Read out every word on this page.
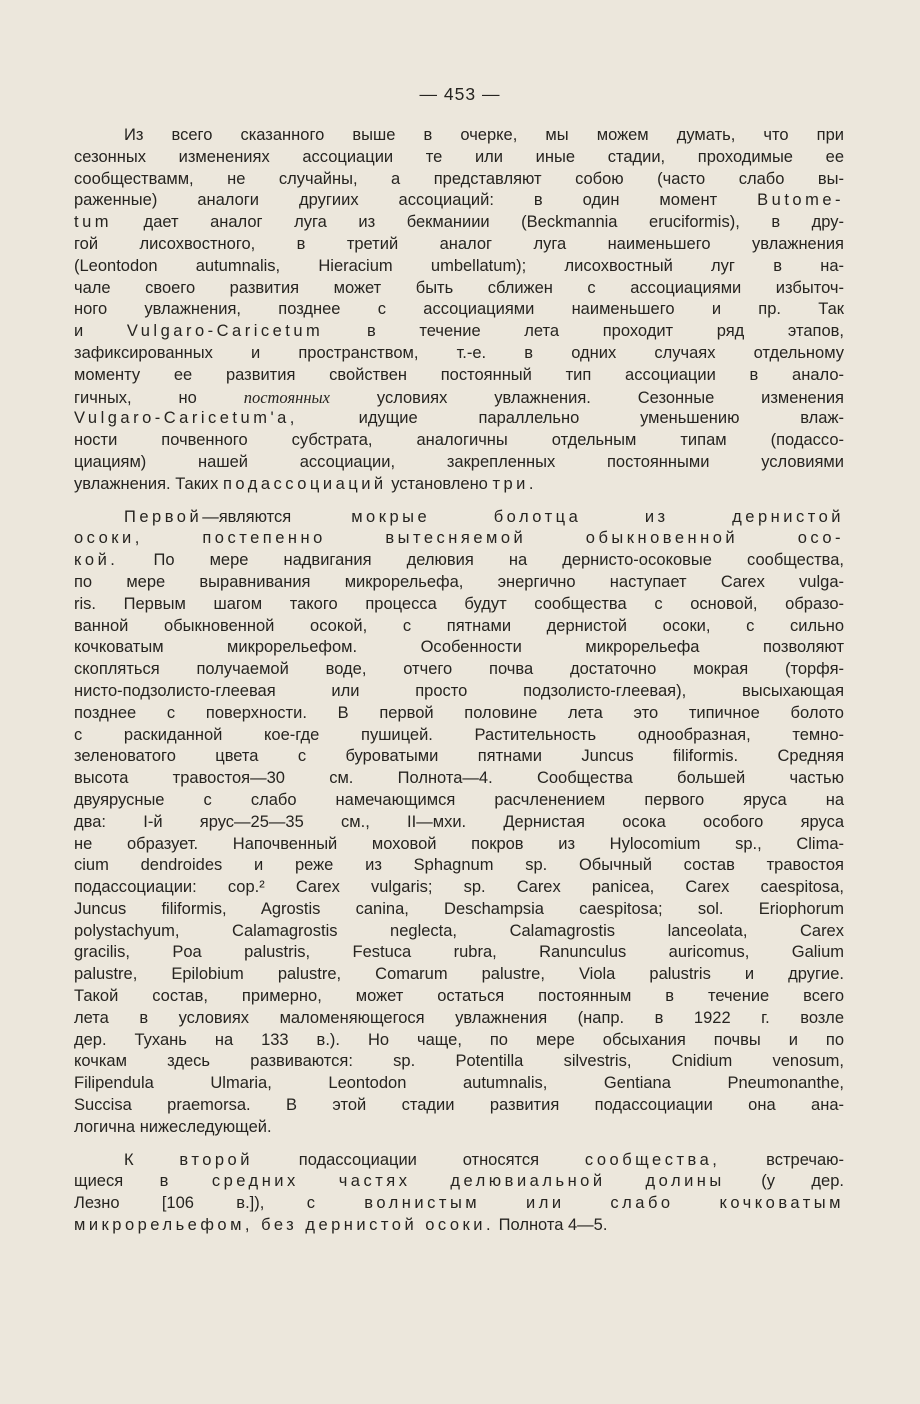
— 453 —
Из всего сказанного выше в очерке, мы можем думать, что при
сезонных изменениях ассоциации те или иные стадии, проходимые ее
сообществамм, не случайны, а представляют собою (часто слабо вы-
раженные) аналоги другиих ассоциаций: в один момент Butome-
tum дает аналог луга из бекманиии (Beckmannia eruciformis), в дру-
гой лисохвостного, в третий аналог луга наименьшего увлажнения
(Leontodon autumnalis, Hieracium umbellatum); лисохвостный луг в на-
чале своего развития может быть сближен с ассоциациями избыточ-
ного увлажнения, позднее с ассоциациями наименьшего и пр. Так
и Vulgaro-Caricetum в течение лета проходит ряд этапов,
зафиксированных и пространством, т.-е. в одних случаях отдельному
моменту ее развития свойствен постоянный тип ассоциации в анало-
гичных, но постоянных условиях увлажнения. Сезонные изменения
Vulgaro-Caricetum'a, идущие параллельно уменьшению влаж-
ности почвенного субстрата, аналогичны отдельным типам (подассо-
циациям) нашей ассоциации, закрепленных постоянными условиями
увлажнения. Таких подассоциаций установлено три.
Первой—являются мокрые болотца из дернистой
осоки, постепенно вытесняемой обыкновенной осо-
кой. По мере надвигания делювия на дернисто-осоковые сообщества,
по мере выравнивания микрорельефа, энергично наступает Carex vulga-
ris. Первым шагом такого процесса будут сообщества с основой, образо-
ванной обыкновенной осокой, с пятнами дернистой осоки, с сильно
кочковатым микрорельефом. Особенности микрорельефа позволяют
скопляться получаемой воде, отчего почва достаточно мокрая (торфя-
нисто-подзолисто-глеевая или просто подзолисто-глеевая), высыхающая
позднее с поверхности. В первой половине лета это типичное болото
с раскиданной кое-где пушицей. Растительность однообразная, темно-
зеленоватого цвета с буроватыми пятнами Juncus filiformis. Средняя
высота травостоя—30 см. Полнота—4. Сообщества большей частью
двуярусные с слабо намечающимся расчленением первого яруса на
два: I-й ярус—25—35 см., II—мхи. Дернистая осока особого яруса
не образует. Напочвенный моховой покров из Hylocomium sp., Clima-
cium dendroides и реже из Sphagnum sp. Обычный состав травостоя
подассоциации: сор.² Carex vulgaris; sp. Carex panicea, Carex caespitosa,
Juncus filiformis, Agrostis canina, Deschampsia caespitosa; sol. Eriophorum
polystachyum, Calamagrostis neglecta, Calamagrostis lanceolata, Carex
gracilis, Poa palustris, Festuca rubra, Ranunculus auricomus, Galium
palustre, Epilobium palustre, Comarum palustre, Viola palustris и другие.
Такой состав, примерно, может остаться постоянным в течение всего
лета в условиях маломеняющегося увлажнения (напр. в 1922 г. возле
дер. Тухань на 133 в.). Но чаще, по мере обсыхания почвы и по
кочкам здесь развиваются: sp. Potentilla silvestris, Cnidium venosum,
Filipendula Ulmaria, Leontodon autumnalis, Gentiana Pneumonanthe,
Succisa praemorsa. В этой стадии развития подассоциации она ана-
логична нижеследующей.
К второй подассоциации относятся сообщества, встречаю-
щиеся в средних частях делювиальной долины (у дер.
Лезно [106 в.]), с волнистым или слабо кочковатым
микрорельефом, без дернистой осоки. Полнота 4—5.
